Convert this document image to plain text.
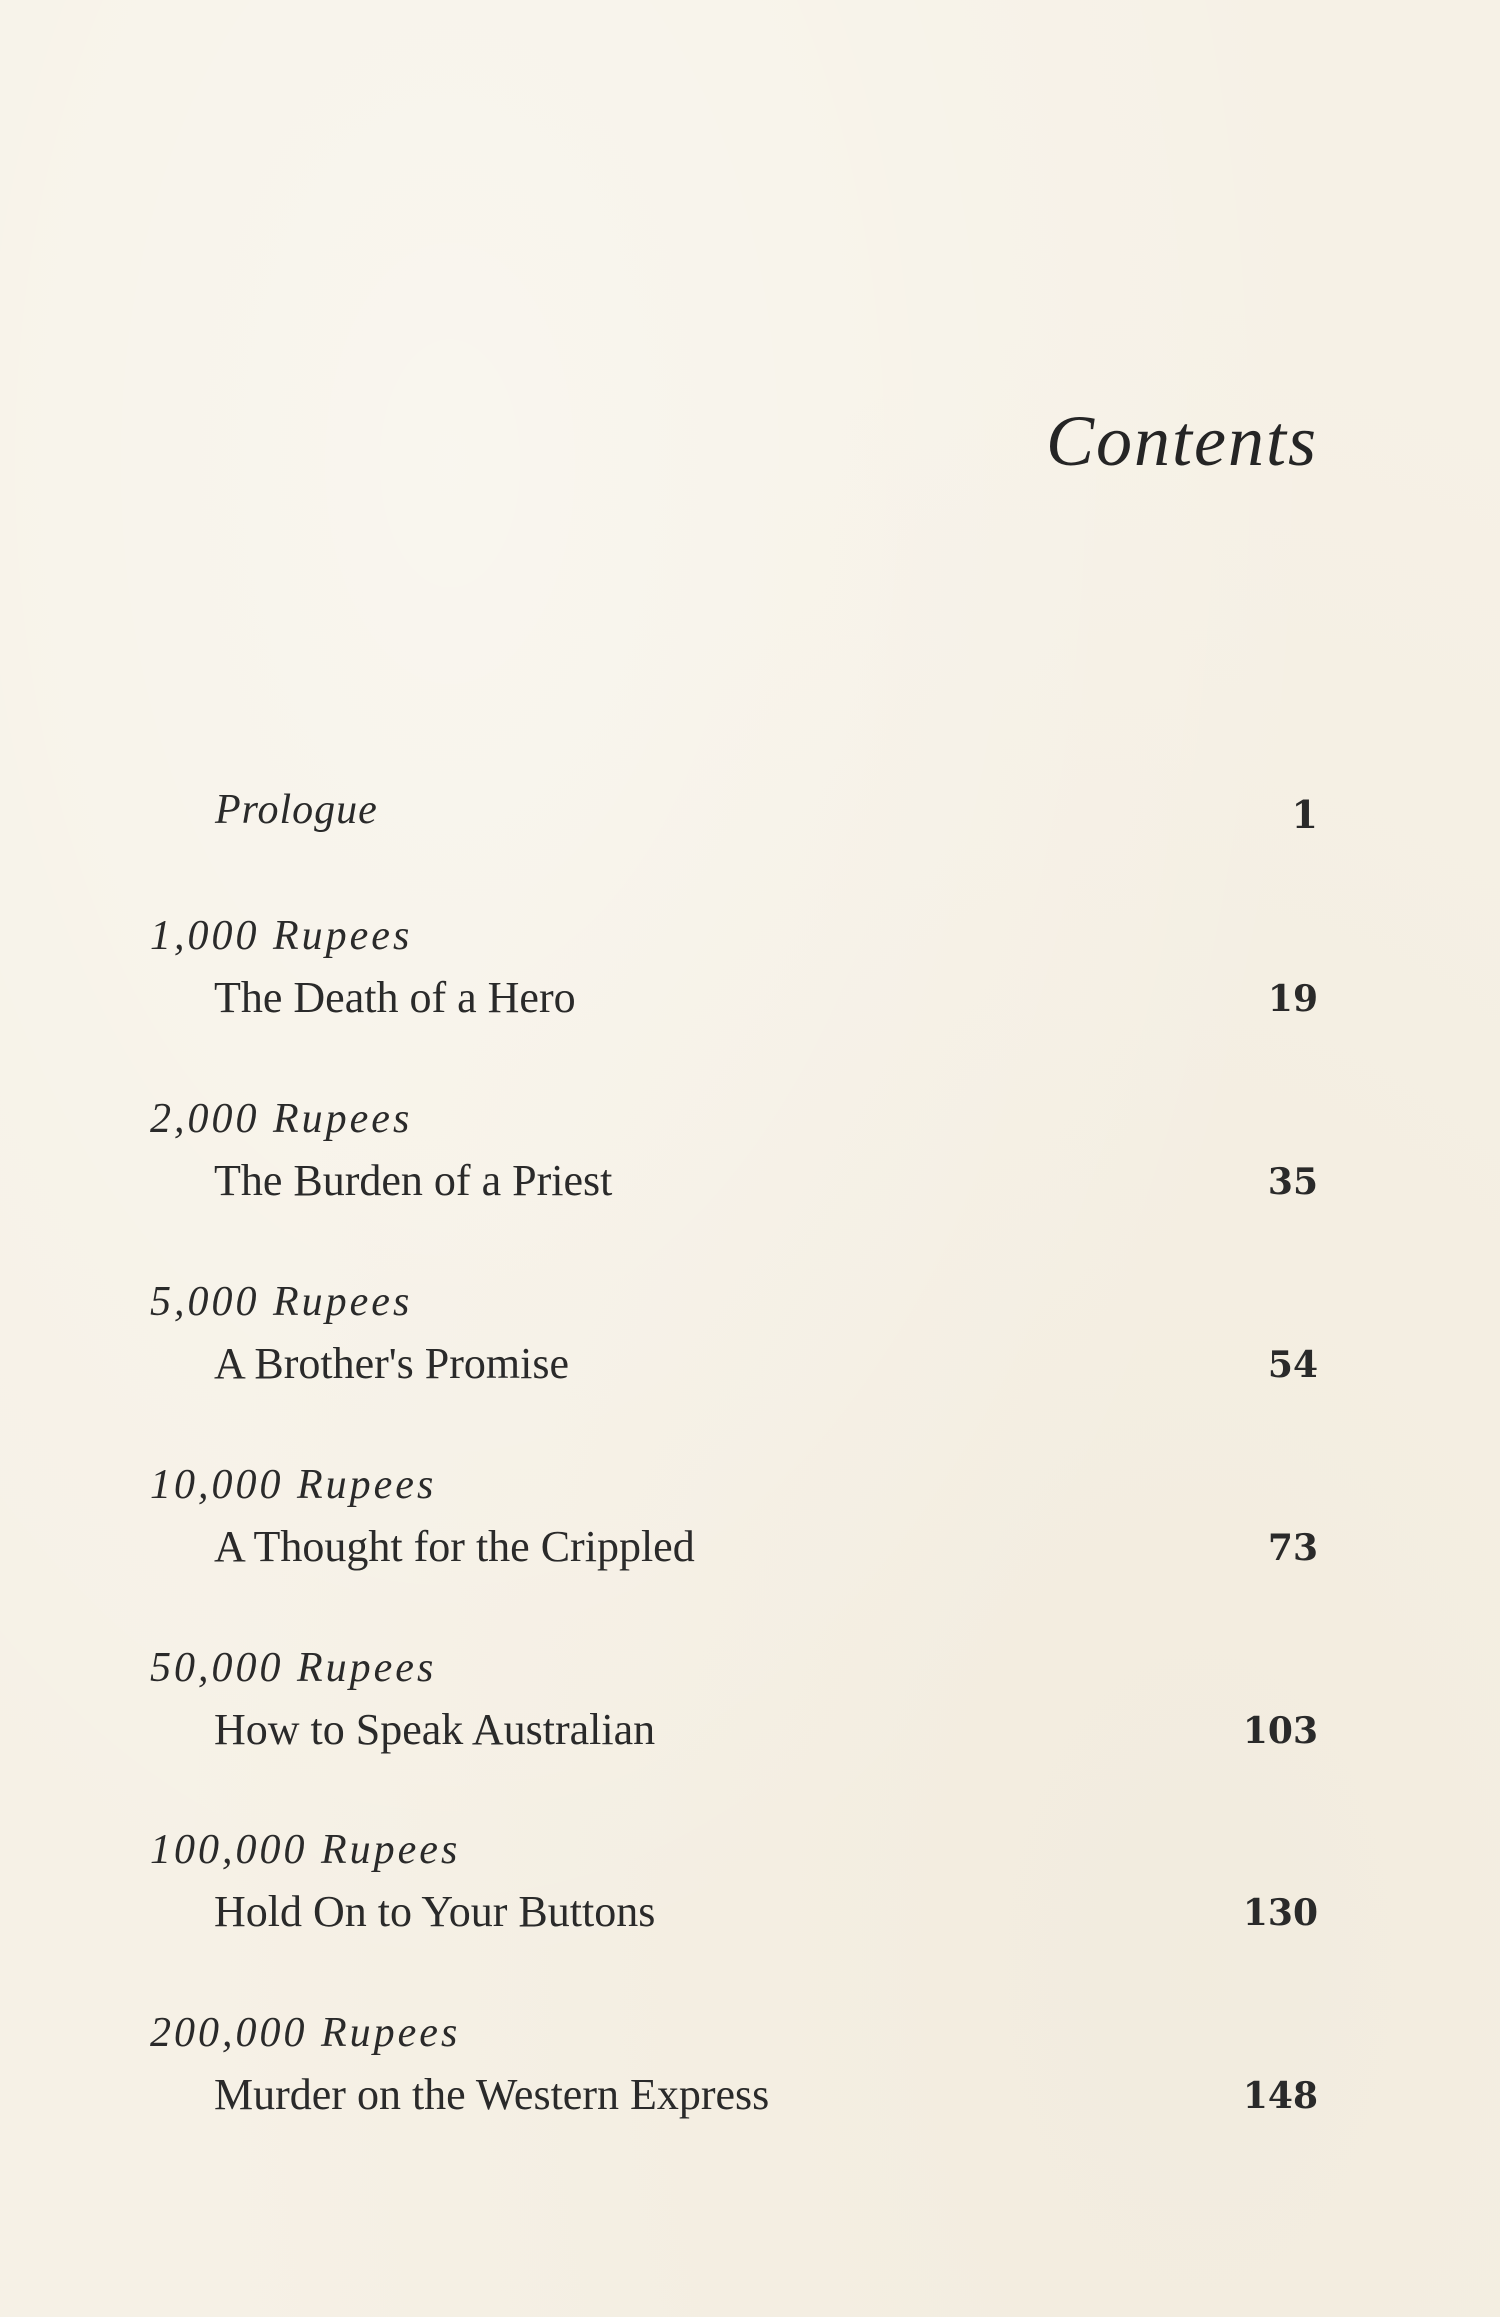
Contents
Prologue	1
1,000 Rupees
The Death of a Hero	19
2,000 Rupees
The Burden of a Priest	35
5,000 Rupees
A Brother's Promise	54
10,000 Rupees
A Thought for the Crippled	73
50,000 Rupees
How to Speak Australian	103
100,000 Rupees
Hold On to Your Buttons	130
200,000 Rupees
Murder on the Western Express	148
